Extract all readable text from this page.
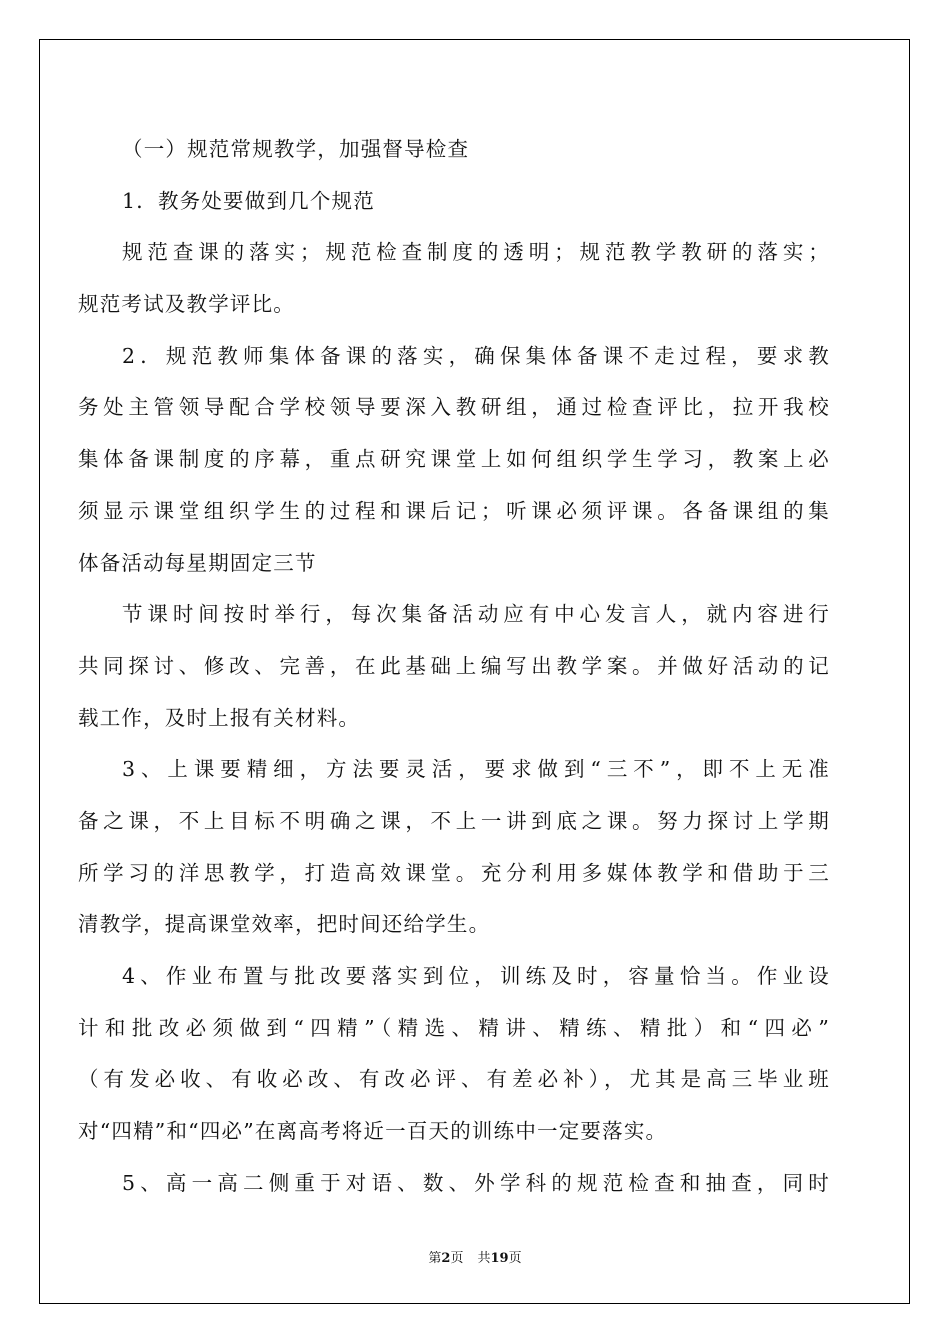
（一）规范常规教学，加强督导检查
1．教务处要做到几个规范
规范查课的落实；规范检查制度的透明；规范教学教研的落实；
规范考试及教学评比。
2．规范教师集体备课的落实，确保集体备课不走过程，要求教
务处主管领导配合学校领导要深入教研组，通过检查评比，拉开我校
集体备课制度的序幕，重点研究课堂上如何组织学生学习，教案上必
须显示课堂组织学生的过程和课后记；听课必须评课。各备课组的集
体备活动每星期固定三节
节课时间按时举行，每次集备活动应有中心发言人，就内容进行
共同探讨、修改、完善，在此基础上编写出教学案。并做好活动的记
载工作，及时上报有关材料。
3、上课要精细，方法要灵活，要求做到“三不”，即不上无准
备之课，不上目标不明确之课，不上一讲到底之课。努力探讨上学期
所学习的洋思教学，打造高效课堂。充分利用多媒体教学和借助于三
清教学，提高课堂效率，把时间还给学生。
4、作业布置与批改要落实到位，训练及时，容量恰当。作业设
计和批改必须做到“四精”（精选、精讲、精练、精批）和“四必”
（有发必收、有收必改、有改必评、有差必补），尤其是高三毕业班
对“四精”和“四必”在离高考将近一百天的训练中一定要落实。
5、高一高二侧重于对语、数、外学科的规范检查和抽查，同时
第2页 共19页
